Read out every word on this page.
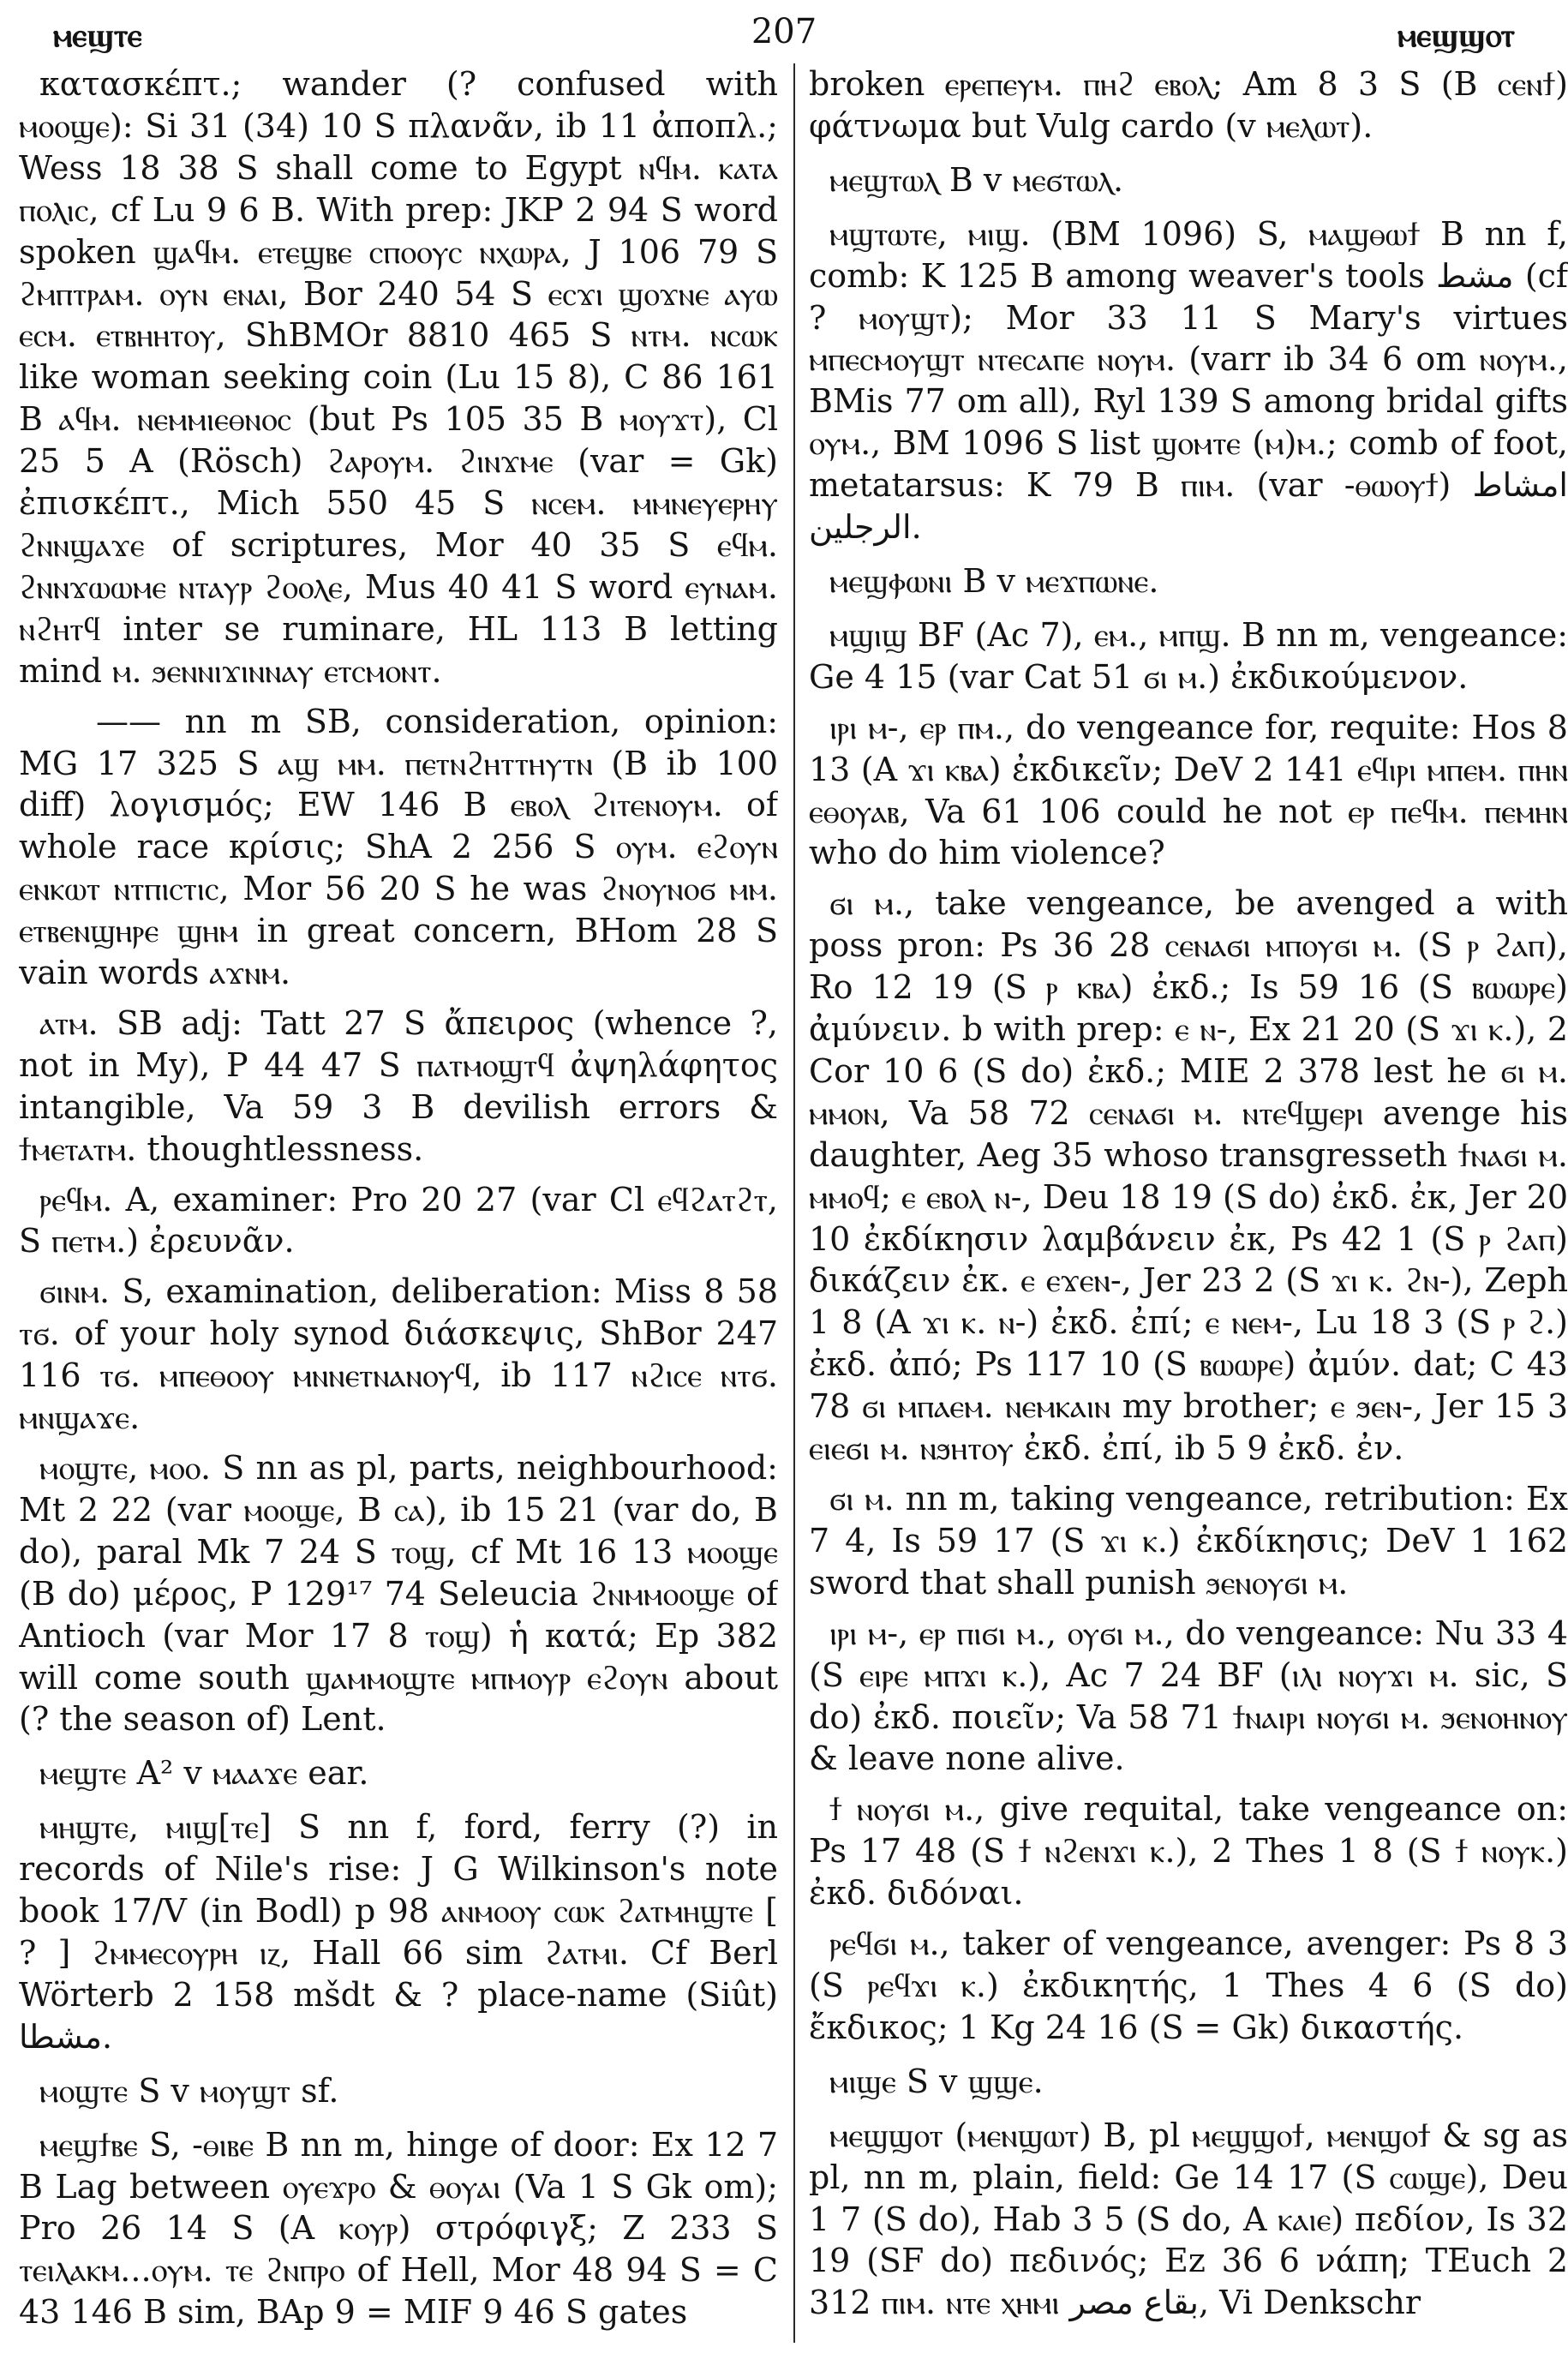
ⲙⲉϣⲧⲉ	207	ⲙⲉϣϣⲟⲧ

κατασκέπτ.; wander (? confused with ⲙⲟⲟϣⲉ): Si 31 (34) 10 S πλανᾶν, ib 11 ἀποπλ.; Wess 18 38 S shall come to Egypt ⲛϥⲙ. ⲕⲁⲧⲁ ⲡⲟⲗⲓⲥ, cf Lu 9 6 B. With prep: JKP 2 94 S word spoken ϣⲁϥⲙ. ⲉⲧⲉϣⲃⲉ ⲥⲡⲟⲟⲩⲥ ⲛⲭⲱⲣⲁ, J 106 79 S ϩⲙⲡⲧⲣⲁⲙ. ⲟⲩⲛ ⲉⲛⲁⲓ, Bor 240 54 S ⲉⲥϫⲓ ϣⲟϫⲛⲉ ⲁⲩⲱ ⲉⲥⲙ. ⲉⲧⲃⲏⲏⲧⲟⲩ, ShBMOr 8810 465 S ⲛⲧⲙ. ⲛⲥⲱⲕ like woman seeking coin (Lu 15 8), C 86 161 B ⲁϥⲙ. ⲛⲉⲙⲙⲓⲉⲑⲛⲟⲥ (but Ps 105 35 B ⲙⲟⲩϫⲧ), Cl 25 5 A (Rösch) ϩⲁⲣⲟⲩⲙ. ϩⲓⲛϫⲙⲉ (var = Gk) ἐπισκέπτ., Mich 550 45 S ⲛⲥⲉⲙ. ⲙⲙⲛⲉⲩⲉⲣⲏⲩ ϩⲛⲛϣⲁϫⲉ of scriptures, Mor 40 35 S ⲉϥⲙ. ϩⲛⲛϫⲱⲱⲙⲉ ⲛⲧⲁⲩⲣ ϩⲟⲟⲗⲉ, Mus 40 41 S word ⲉⲩⲛⲁⲙ. ⲛϩⲏⲧϥ inter se ruminare, HL 113 B letting mind ⲙ. ϧⲉⲛⲛⲓϫⲓⲛⲛⲁⲩ ⲉⲧⲥⲙⲟⲛⲧ.

—— nn m SB, consideration, opinion: MG 17 325 S ⲁϣ ⲙⲙ. ⲡⲉⲧⲛϩⲏⲧⲧⲏⲩⲧⲛ (B ib 100 diff) λογισμός; EW 146 B ⲉⲃⲟⲗ ϩⲓⲧⲉⲛⲟⲩⲙ. of whole race κρίσις; ShA 2 256 S ⲟⲩⲙ. ⲉϩⲟⲩⲛ ⲉⲛⲕⲱⲧ ⲛⲧⲡⲓⲥⲧⲓⲥ, Mor 56 20 S he was ϩⲛⲟⲩⲛⲟϭ ⲙⲙ. ⲉⲧⲃⲉⲛϣⲏⲣⲉ ϣⲏⲙ in great concern, BHom 28 S vain words ⲁϫⲛⲙ.

ⲁⲧⲙ. SB adj: Tatt 27 S ἄπειρος (whence ?, not in My), P 44 47 S ⲡⲁⲧⲙⲟϣⲧϥ ἀψηλάφητος intangible, Va 59 3 B devilish errors & ϯⲙⲉⲧⲁⲧⲙ. thoughtlessness.

ⲣⲉϥⲙ. A, examiner: Pro 20 27 (var Cl ⲉϥϩⲁⲧϩⲧ, S ⲡⲉⲧⲙ.) ἐρευνᾶν.

ϭⲓⲛⲙ. S, examination, deliberation: Miss 8 58 ⲧϭ. of your holy synod διάσκεψις, ShBor 247 116 ⲧϭ. ⲙⲡⲉⲑⲟⲟⲩ ⲙⲛⲛⲉⲧⲛⲁⲛⲟⲩϥ, ib 117 ⲛϩⲓⲥⲉ ⲛⲧϭ. ⲙⲛϣⲁϫⲉ.

ⲙⲟϣⲧⲉ, ⲙⲟⲟ. S nn as pl, parts, neighbourhood: Mt 2 22 (var ⲙⲟⲟϣⲉ, B ⲥⲁ), ib 15 21 (var do, B do), paral Mk 7 24 S ⲧⲟϣ, cf Mt 16 13 ⲙⲟⲟϣⲉ (B do) μέρος, P 129¹⁷ 74 Seleucia ϩⲛⲙⲙⲟⲟϣⲉ of Antioch (var Mor 17 8 ⲧⲟϣ) ἡ κατά; Ep 382 will come south ϣⲁⲙⲙⲟϣⲧⲉ ⲙⲡⲙⲟⲩⲣ ⲉϩⲟⲩⲛ about (? the season of) Lent.

ⲙⲉϣⲧⲉ A² v ⲙⲁⲁϫⲉ ear.

ⲙⲏϣⲧⲉ, ⲙⲓϣ[ⲧⲉ] S nn f, ford, ferry (?) in records of Nile's rise: J G Wilkinson's note book 17/V (in Bodl) p 98 ⲁⲛⲙⲟⲟⲩ ⲥⲱⲕ ϩⲁⲧⲙⲏϣⲧⲉ [ ? ] ϩⲙⲙⲉⲥⲟⲩⲣⲏ ⲓⲍ, Hall 66 sim ϩⲁⲧⲙⲓ. Cf Berl Wörterb 2 158 mšdt & ? place-name (Siût) مشطا.

ⲙⲟϣⲧⲉ S v ⲙⲟⲩϣⲧ sf.

ⲙⲉϣϯⲃⲉ S, -ⲑⲓⲃⲉ B nn m, hinge of door: Ex 12 7 B Lag between ⲟⲩⲉϫⲣⲟ & ⲑⲟⲩⲁⲓ (Va 1 S Gk om); Pro 26 14 S (A ⲕⲟⲩⲣ) στρόφιγξ; Z 233 S ⲧⲉⲓⲗⲁⲕⲙ...ⲟⲩⲙ. ⲧⲉ ϩⲛⲡⲣⲟ of Hell, Mor 48 94 S = C 43 146 B sim, BAp 9 = MIF 9 46 S gates

broken ⲉⲣⲉⲡⲉⲩⲙ. ⲡⲏϩ ⲉⲃⲟⲗ; Am 8 3 S (B ⲥⲉⲛϯ) φάτνωμα but Vulg cardo (v ⲙⲉⲗⲱⲧ).

ⲙⲉϣⲧⲱⲗ B v ⲙⲉϭⲧⲱⲗ.

ⲙϣⲧⲱⲧⲉ, ⲙⲓϣ. (BM 1096) S, ⲙⲁϣⲑⲱϯ B nn f, comb: K 125 B among weaver's tools مشط (cf ? ⲙⲟⲩϣⲧ); Mor 33 11 S Mary's virtues ⲙⲡⲉⲥⲙⲟⲩϣⲧ ⲛⲧⲉⲥⲁⲡⲉ ⲛⲟⲩⲙ. (varr ib 34 6 om ⲛⲟⲩⲙ., BMis 77 om all), Ryl 139 S among bridal gifts ⲟⲩⲙ., BM 1096 S list ϣⲟⲙⲧⲉ (ⲙ)ⲙ.; comb of foot, metatarsus: K 79 B ⲡⲓⲙ. (var -ⲑⲱⲟⲩϯ) امشاط الرجلين.

ⲙⲉϣⲫⲱⲛⲓ B v ⲙⲉϫⲡⲱⲛⲉ.

ⲙϣⲓϣ BF (Ac 7), ⲉⲙ., ⲙⲡϣ. B nn m, vengeance: Ge 4 15 (var Cat 51 ϭⲓ ⲙ.) ἐκδικούμενον.

ⲓⲣⲓ ⲙ-, ⲉⲣ ⲡⲙ., do vengeance for, requite: Hos 8 13 (A ϫⲓ ⲕⲃⲁ) ἐκδικεῖν; DeV 2 141 ⲉϥⲓⲣⲓ ⲙⲡⲉⲙ. ⲡⲏⲛ ⲉⲑⲟⲩⲁⲃ, Va 61 106 could he not ⲉⲣ ⲡⲉϥⲙ. ⲡⲉⲙⲏⲛ who do him violence?

ϭⲓ ⲙ., take vengeance, be avenged a with poss pron: Ps 36 28 ⲥⲉⲛⲁϭⲓ ⲙⲡⲟⲩϭⲓ ⲙ. (S ⲣ ϩⲁⲡ), Ro 12 19 (S ⲣ ⲕⲃⲁ) ἐκδ.; Is 59 16 (S ⲃⲱⲱⲣⲉ) ἀμύνειν. b with prep: ⲉ ⲛ-, Ex 21 20 (S ϫⲓ ⲕ.), 2 Cor 10 6 (S do) ἐκδ.; MIE 2 378 lest he ϭⲓ ⲙ. ⲙⲙⲟⲛ, Va 58 72 ⲥⲉⲛⲁϭⲓ ⲙ. ⲛⲧⲉϥϣⲉⲣⲓ avenge his daughter, Aeg 35 whoso transgresseth ϯⲛⲁϭⲓ ⲙ. ⲙⲙⲟϥ; ⲉ ⲉⲃⲟⲗ ⲛ-, Deu 18 19 (S do) ἐκδ. ἐκ, Jer 20 10 ἐκδίκησιν λαμβάνειν ἐκ, Ps 42 1 (S ⲣ ϩⲁⲡ) δικάζειν ἐκ. ⲉ ⲉϫⲉⲛ-, Jer 23 2 (S ϫⲓ ⲕ. ϩⲛ-), Zeph 1 8 (A ϫⲓ ⲕ. ⲛ-) ἐκδ. ἐπί; ⲉ ⲛⲉⲙ-, Lu 18 3 (S ⲣ ϩ.) ἐκδ. ἀπό; Ps 117 10 (S ⲃⲱⲱⲣⲉ) ἀμύν. dat; C 43 78 ϭⲓ ⲙⲡⲁⲉⲙ. ⲛⲉⲙⲕⲁⲓⲛ my brother; ⲉ ϧⲉⲛ-, Jer 15 3 ⲉⲓⲉϭⲓ ⲙ. ⲛϧⲏⲧⲟⲩ ἐκδ. ἐπί, ib 5 9 ἐκδ. ἐν.

ϭⲓ ⲙ. nn m, taking vengeance, retribution: Ex 7 4, Is 59 17 (S ϫⲓ ⲕ.) ἐκδίκησις; DeV 1 162 sword that shall punish ϧⲉⲛⲟⲩϭⲓ ⲙ.

ⲓⲣⲓ ⲙ-, ⲉⲣ ⲡⲓϭⲓ ⲙ., ⲟⲩϭⲓ ⲙ., do vengeance: Nu 33 4 (S ⲉⲓⲣⲉ ⲙⲡϫⲓ ⲕ.), Ac 7 24 BF (ⲓⲗⲓ ⲛⲟⲩϫⲓ ⲙ. sic, S do) ἐκδ. ποιεῖν; Va 58 71 ϯⲛⲁⲓⲣⲓ ⲛⲟⲩϭⲓ ⲙ. ϧⲉⲛⲟⲏⲛⲟⲩ & leave none alive.

ϯ ⲛⲟⲩϭⲓ ⲙ., give requital, take vengeance on: Ps 17 48 (S ϯ ⲛϩⲉⲛϫⲓ ⲕ.), 2 Thes 1 8 (S ϯ ⲛⲟⲩⲕ.) ἐκδ. διδόναι.

ⲣⲉϥϭⲓ ⲙ., taker of vengeance, avenger: Ps 8 3 (S ⲣⲉϥϫⲓ ⲕ.) ἐκδικητής, 1 Thes 4 6 (S do) ἔκδικος; 1 Kg 24 16 (S = Gk) δικαστής.

ⲙⲓϣⲉ S v ϣϣⲉ.

ⲙⲉϣϣⲟⲧ (ⲙⲉⲛϣⲱⲧ) B, pl ⲙⲉϣϣⲟϯ, ⲙⲉⲛϣⲟϯ & sg as pl, nn m, plain, field: Ge 14 17 (S ⲥⲱϣⲉ), Deu 1 7 (S do), Hab 3 5 (S do, A ⲕⲁⲓⲉ) πεδίον, Is 32 19 (SF do) πεδινός; Ez 36 6 νάπη; TEuch 2 312 ⲡⲓⲙ. ⲛⲧⲉ ⲭⲏⲙⲓ بقاع مصر, Vi Denkschr
